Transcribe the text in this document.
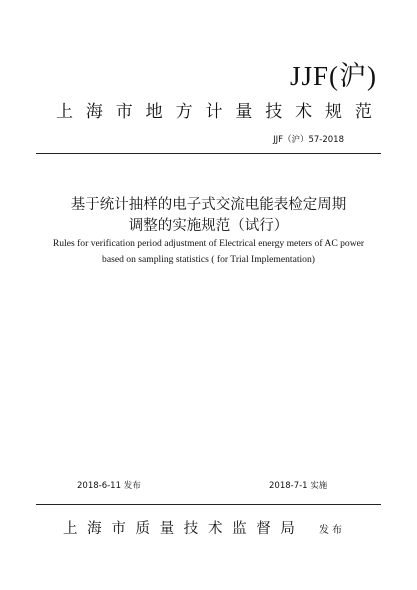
JJF(沪)
上 海 市 地 方 计 量 技 术 规 范
JJF（沪）57-2018
基于统计抽样的电子式交流电能表检定周期
调整的实施规范（试行）
Rules for verification period adjustment of Electrical energy meters of AC power
based on sampling statistics ( for Trial Implementation)
2018-6-11 发布	2018-7-1 实施
上 海 市 质 量 技 术 监 督 局 发布
